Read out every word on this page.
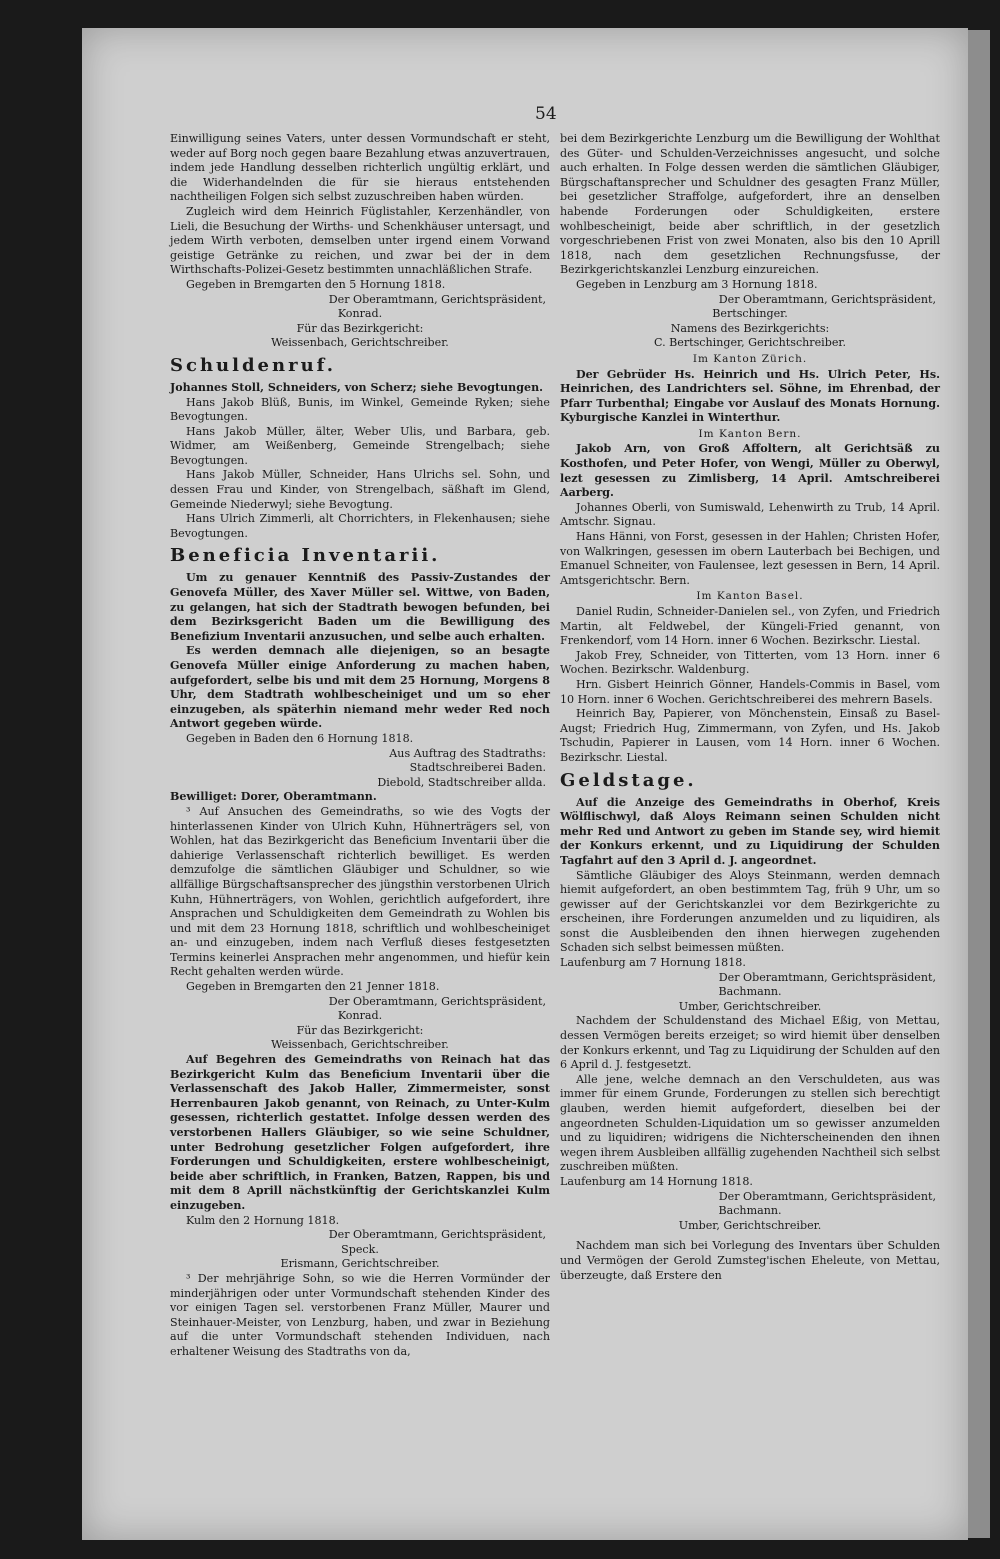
54

Einwilligung seines Vaters, unter dessen Vormundschaft er steht, weder auf Borg noch gegen baare Bezahlung etwas anzuvertrauen, indem jede Handlung desselben richterlich ungültig erklärt, und die Widerhandelnden die für sie hieraus entstehenden nachtheiligen Folgen sich selbst zuzuschreiben haben würden.

Zugleich wird dem Heinrich Füglistahler, Kerzenhändler, von Lieli, die Besuchung der Wirths- und Schenkhäuser untersagt, und jedem Wirth verboten, demselben unter irgend einem Vorwand geistige Getränke zu reichen, und zwar bei der in dem Wirthschafts-Polizei-Gesetz bestimmten unnachläßlichen Strafe.

Gegeben in Bremgarten den 5 Hornung 1818.

Der Oberamtmann, Gerichtspräsident,

Konrad.

Für das Bezirkgericht:

Weissenbach, Gerichtschreiber.

Schuldenruf.

Johannes Stoll, Schneiders, von Scherz; siehe Bevogtungen.

Hans Jakob Blüß, Bunis, im Winkel, Gemeinde Ryken; siehe Bevogtungen.

Hans Jakob Müller, älter, Weber Ulis, und Barbara, geb. Widmer, am Weißenberg, Gemeinde Strengelbach; siehe Bevogtungen.

Hans Jakob Müller, Schneider, Hans Ulrichs sel. Sohn, und dessen Frau und Kinder, von Strengelbach, säßhaft im Glend, Gemeinde Niederwyl; siehe Bevogtung.

Hans Ulrich Zimmerli, alt Chorrichters, in Flekenhausen; siehe Bevogtungen.

Beneficia Inventarii.

Um zu genauer Kenntniß des Passiv-Zustandes der Genovefa Müller, des Xaver Müller sel. Wittwe, von Baden, zu gelangen, hat sich der Stadtrath bewogen befunden, bei dem Bezirksgericht Baden um die Bewilligung des Benefizium Inventarii anzusuchen, und selbe auch erhalten.

Es werden demnach alle diejenigen, so an besagte Genovefa Müller einige Anforderung zu machen haben, aufgefordert, selbe bis und mit dem 25 Hornung, Morgens 8 Uhr, dem Stadtrath wohlbescheiniget und um so eher einzugeben, als späterhin niemand mehr weder Red noch Antwort gegeben würde.

Gegeben in Baden den 6 Hornung 1818.

Aus Auftrag des Stadtraths:

Stadtschreiberei Baden.

Diebold, Stadtschreiber allda.

Bewilliget: Dorer, Oberamtmann.

³ Auf Ansuchen des Gemeindraths, so wie des Vogts der hinterlassenen Kinder von Ulrich Kuhn, Hühnerträgers sel, von Wohlen, hat das Bezirkgericht das Beneficium Inventarii über die dahierige Verlassenschaft richterlich bewilliget. Es werden demzufolge die sämtlichen Gläubiger und Schuldner, so wie allfällige Bürgschaftsansprecher des jüngsthin verstorbenen Ulrich Kuhn, Hühnerträgers, von Wohlen, gerichtlich aufgefordert, ihre Ansprachen und Schuldigkeiten dem Gemeindrath zu Wohlen bis und mit dem 23 Hornung 1818, schriftlich und wohlbescheiniget an- und einzugeben, indem nach Verfluß dieses festgesetzten Termins keinerlei Ansprachen mehr angenommen, und hiefür kein Recht gehalten werden würde.

Gegeben in Bremgarten den 21 Jenner 1818.

Der Oberamtmann, Gerichtspräsident,

Konrad.

Für das Bezirkgericht:

Weissenbach, Gerichtschreiber.

Auf Begehren des Gemeindraths von Reinach hat das Bezirkgericht Kulm das Beneficium Inventarii über die Verlassenschaft des Jakob Haller, Zimmermeister, sonst Herrenbauren Jakob genannt, von Reinach, zu Unter-Kulm gesessen, richterlich gestattet. Infolge dessen werden des verstorbenen Hallers Gläubiger, so wie seine Schuldner, unter Bedrohung gesetzlicher Folgen aufgefordert, ihre Forderungen und Schuldigkeiten, erstere wohlbescheinigt, beide aber schriftlich, in Franken, Batzen, Rappen, bis und mit dem 8 Aprill nächstkünftig der Gerichtskanzlei Kulm einzugeben.

Kulm den 2 Hornung 1818.

Der Oberamtmann, Gerichtspräsident,

Speck.

Erismann, Gerichtschreiber.

³ Der mehrjährige Sohn, so wie die Herren Vormünder der minderjährigen oder unter Vormundschaft stehenden Kinder des vor einigen Tagen sel. verstorbenen Franz Müller, Maurer und Steinhauer-Meister, von Lenzburg, haben, und zwar in Beziehung auf die unter Vormundschaft stehenden Individuen, nach erhaltener Weisung des Stadtraths von da,

bei dem Bezirkgerichte Lenzburg um die Bewilligung der Wohlthat des Güter- und Schulden-Verzeichnisses angesucht, und solche auch erhalten. In Folge dessen werden die sämtlichen Gläubiger, Bürgschaftansprecher und Schuldner des gesagten Franz Müller, bei gesetzlicher Straffolge, aufgefordert, ihre an denselben habende Forderungen oder Schuldigkeiten, erstere wohlbescheinigt, beide aber schriftlich, in der gesetzlich vorgeschriebenen Frist von zwei Monaten, also bis den 10 Aprill 1818, nach dem gesetzlichen Rechnungsfusse, der Bezirkgerichtskanzlei Lenzburg einzureichen.

Gegeben in Lenzburg am 3 Hornung 1818.

Der Oberamtmann, Gerichtspräsident,

Bertschinger.

Namens des Bezirkgerichts:

C. Bertschinger, Gerichtschreiber.

Im Kanton Zürich.

Der Gebrüder Hs. Heinrich und Hs. Ulrich Peter, Hs. Heinrichen, des Landrichters sel. Söhne, im Ehrenbad, der Pfarr Turbenthal; Eingabe vor Auslauf des Monats Hornung. Kyburgische Kanzlei in Winterthur.

Im Kanton Bern.

Jakob Arn, von Groß Affoltern, alt Gerichtsäß zu Kosthofen, und Peter Hofer, von Wengi, Müller zu Oberwyl, lezt gesessen zu Zimlisberg, 14 April. Amtschreiberei Aarberg.

Johannes Oberli, von Sumiswald, Lehenwirth zu Trub, 14 April. Amtschr. Signau.

Hans Hänni, von Forst, gesessen in der Hahlen; Christen Hofer, von Walkringen, gesessen im obern Lauterbach bei Bechigen, und Emanuel Schneiter, von Faulensee, lezt gesessen in Bern, 14 April. Amtsgerichtschr. Bern.

Im Kanton Basel.

Daniel Rudin, Schneider-Danielen sel., von Zyfen, und Friedrich Martin, alt Feldwebel, der Küngeli-Fried genannt, von Frenkendorf, vom 14 Horn. inner 6 Wochen. Bezirkschr. Liestal.

Jakob Frey, Schneider, von Titterten, vom 13 Horn. inner 6 Wochen. Bezirkschr. Waldenburg.

Hrn. Gisbert Heinrich Gönner, Handels-Commis in Basel, vom 10 Horn. inner 6 Wochen. Gerichtschreiberei des mehrern Basels.

Heinrich Bay, Papierer, von Mönchenstein, Einsaß zu Basel-Augst; Friedrich Hug, Zimmermann, von Zyfen, und Hs. Jakob Tschudin, Papierer in Lausen, vom 14 Horn. inner 6 Wochen. Bezirkschr. Liestal.

Geldstage.

Auf die Anzeige des Gemeindraths in Oberhof, Kreis Wölflischwyl, daß Aloys Reimann seinen Schulden nicht mehr Red und Antwort zu geben im Stande sey, wird hiemit der Konkurs erkennt, und zu Liquidirung der Schulden Tagfahrt auf den 3 April d. J. angeordnet.

Sämtliche Gläubiger des Aloys Steinmann, werden demnach hiemit aufgefordert, an oben bestimmtem Tag, früh 9 Uhr, um so gewisser auf der Gerichtskanzlei vor dem Bezirkgerichte zu erscheinen, ihre Forderungen anzumelden und zu liquidiren, als sonst die Ausbleibenden den ihnen hierwegen zugehenden Schaden sich selbst beimessen müßten.

Laufenburg am 7 Hornung 1818.

Der Oberamtmann, Gerichtspräsident,

Bachmann.

Umber, Gerichtschreiber.

Nachdem der Schuldenstand des Michael Eßig, von Mettau, dessen Vermögen bereits erzeiget; so wird hiemit über denselben der Konkurs erkennt, und Tag zu Liquidirung der Schulden auf den 6 April d. J. festgesetzt.

Alle jene, welche demnach an den Verschuldeten, aus was immer für einem Grunde, Forderungen zu stellen sich berechtigt glauben, werden hiemit aufgefordert, dieselben bei der angeordneten Schulden-Liquidation um so gewisser anzumelden und zu liquidiren; widrigens die Nichterscheinenden den ihnen wegen ihrem Ausbleiben allfällig zugehenden Nachtheil sich selbst zuschreiben müßten.

Laufenburg am 14 Hornung 1818.

Der Oberamtmann, Gerichtspräsident,

Bachmann.

Umber, Gerichtschreiber.

Nachdem man sich bei Vorlegung des Inventars über Schulden und Vermögen der Gerold Zumsteg'ischen Eheleute, von Mettau, überzeugte, daß Erstere den
